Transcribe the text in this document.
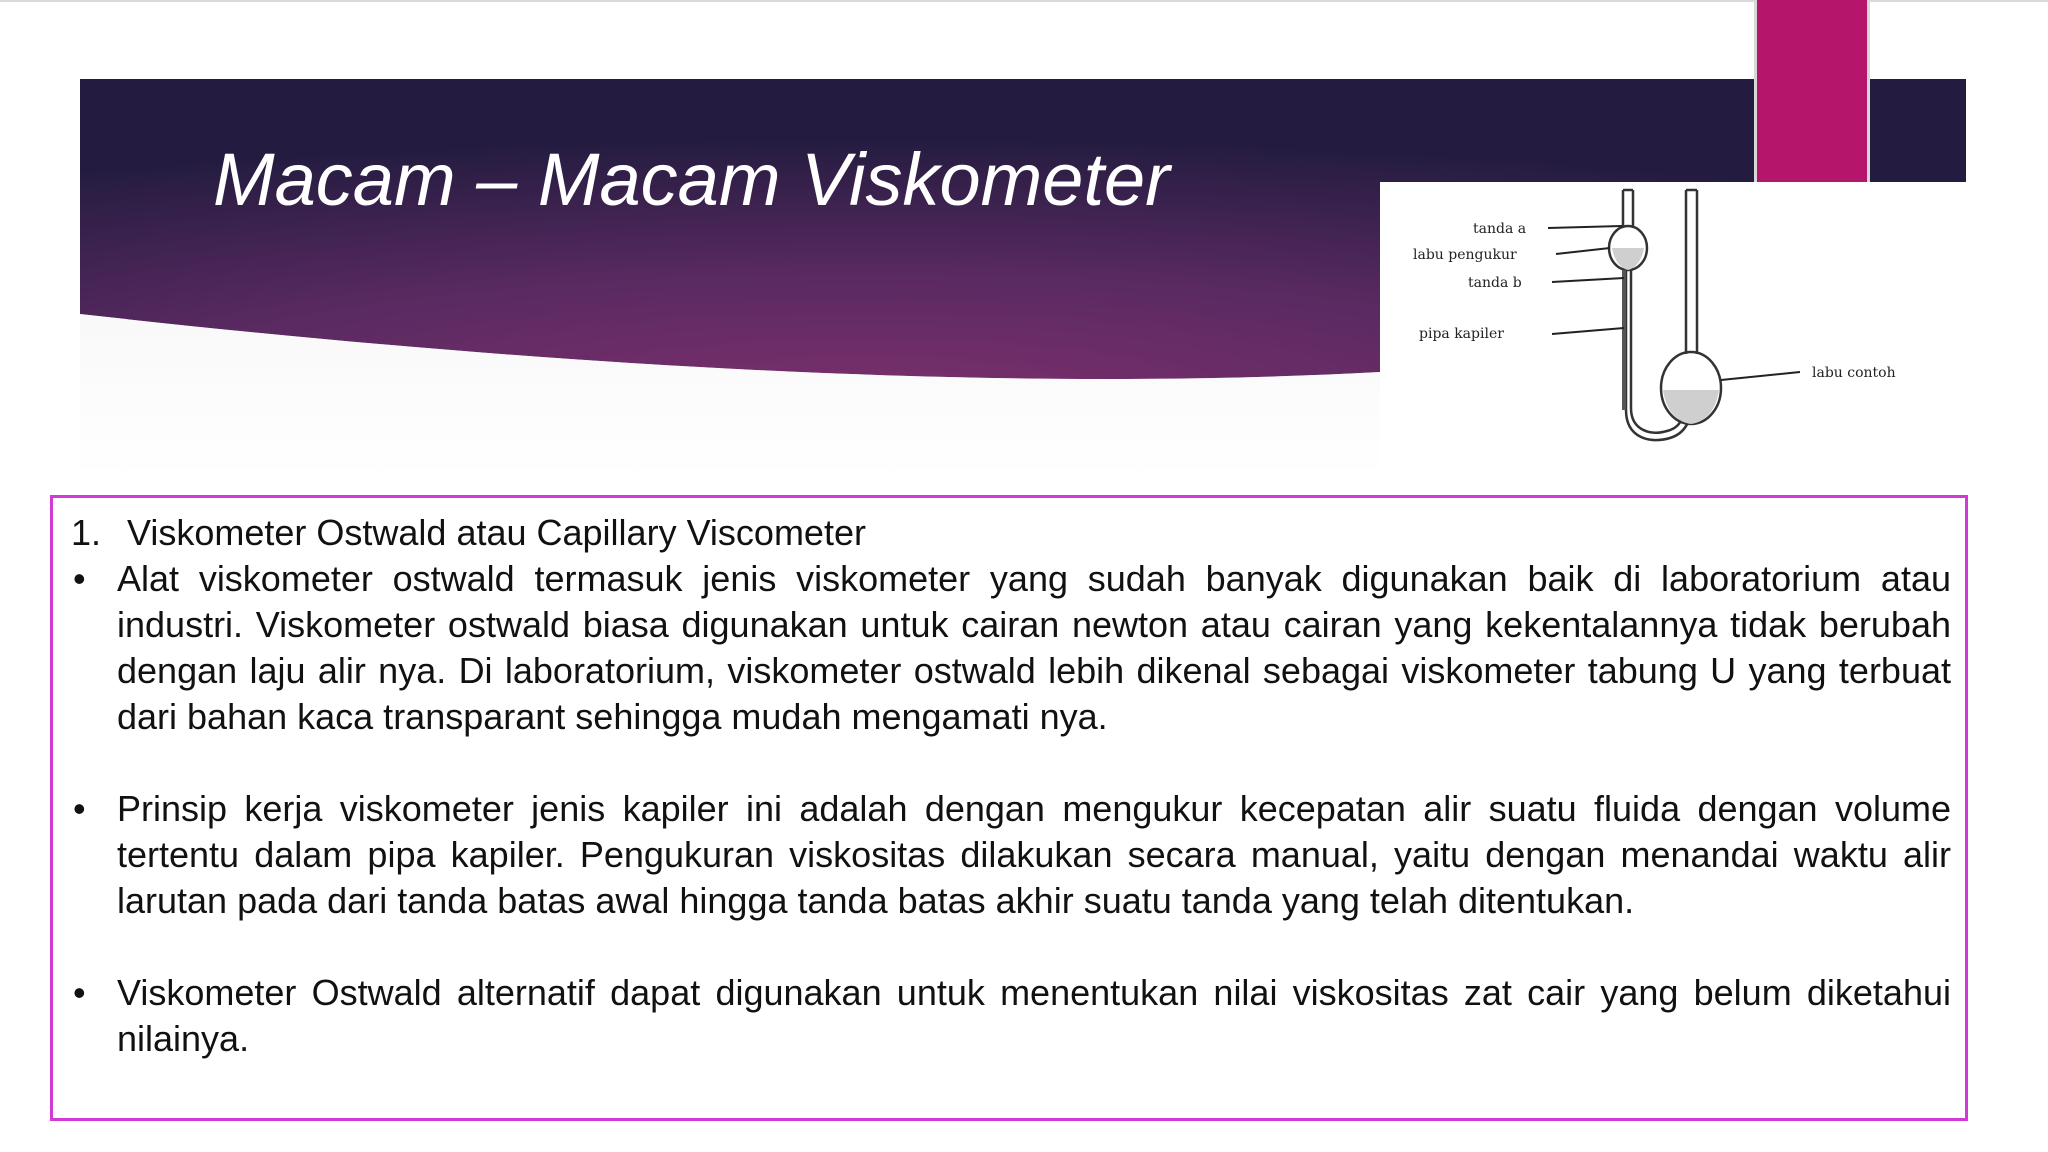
Macam – Macam Viskometer
tanda a
labu pengukur
tanda b
pipa kapiler
labu contoh

1. Viskometer Ostwald atau Capillary Viscometer

• Alat viskometer ostwald termasuk jenis viskometer yang sudah banyak digunakan baik di laboratorium atau industri. Viskometer ostwald biasa digunakan untuk cairan newton atau cairan yang kekentalannya tidak berubah dengan laju alir nya. Di laboratorium, viskometer ostwald lebih dikenal sebagai viskometer tabung U yang terbuat dari bahan kaca transparant sehingga mudah mengamati nya.

• Prinsip kerja viskometer jenis kapiler ini adalah dengan mengukur kecepatan alir suatu fluida dengan volume tertentu dalam pipa kapiler. Pengukuran viskositas dilakukan secara manual, yaitu dengan menandai waktu alir larutan pada dari tanda batas awal hingga tanda batas akhir suatu tanda yang telah ditentukan.

• Viskometer Ostwald alternatif dapat digunakan untuk menentukan nilai viskositas zat cair yang belum diketahui nilainya.
